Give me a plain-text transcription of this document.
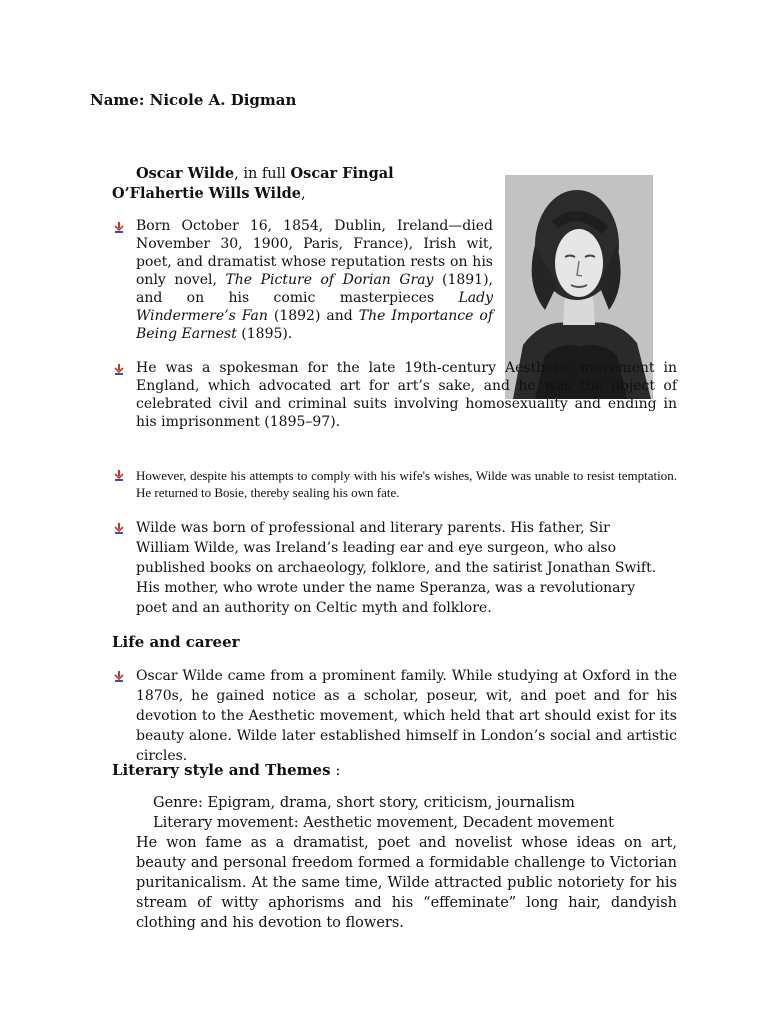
Name: Nicole A. Digman
Oscar Wilde, in full Oscar Fingal O’Flahertie Wills Wilde,

Born October 16, 1854, Dublin, Ireland—died November 30, 1900, Paris, France), Irish wit, poet, and dramatist whose reputation rests on his only novel, The Picture of Dorian Gray (1891), and on his comic masterpieces Lady Windermere’s Fan (1892) and The Importance of Being Earnest (1895).

He was a spokesman for the late 19th-century Aesthetic movement in England, which advocated art for art’s sake, and he was the object of celebrated civil and criminal suits involving homosexuality and ending in his imprisonment (1895–97).

However, despite his attempts to comply with his wife's wishes, Wilde was unable to resist temptation. He returned to Bosie, thereby sealing his own fate.

Wilde was born of professional and literary parents. His father, Sir William Wilde, was Ireland’s leading ear and eye surgeon, who also published books on archaeology, folklore, and the satirist Jonathan Swift. His mother, who wrote under the name Speranza, was a revolutionary poet and an authority on Celtic myth and folklore.

Life and career

Oscar Wilde came from a prominent family. While studying at Oxford in the 1870s, he gained notice as a scholar, poseur, wit, and poet and for his devotion to the Aesthetic movement, which held that art should exist for its beauty alone. Wilde later established himself in London’s social and artistic circles.

Literary style and Themes :
Genre: Epigram, drama, short story, criticism, journalism
Literary movement: Aesthetic movement, Decadent movement
He won fame as a dramatist, poet and novelist whose ideas on art, beauty and personal freedom formed a formidable challenge to Victorian puritanicalism. At the same time, Wilde attracted public notoriety for his stream of witty aphorisms and his “effeminate” long hair, dandyish clothing and his devotion to flowers.
